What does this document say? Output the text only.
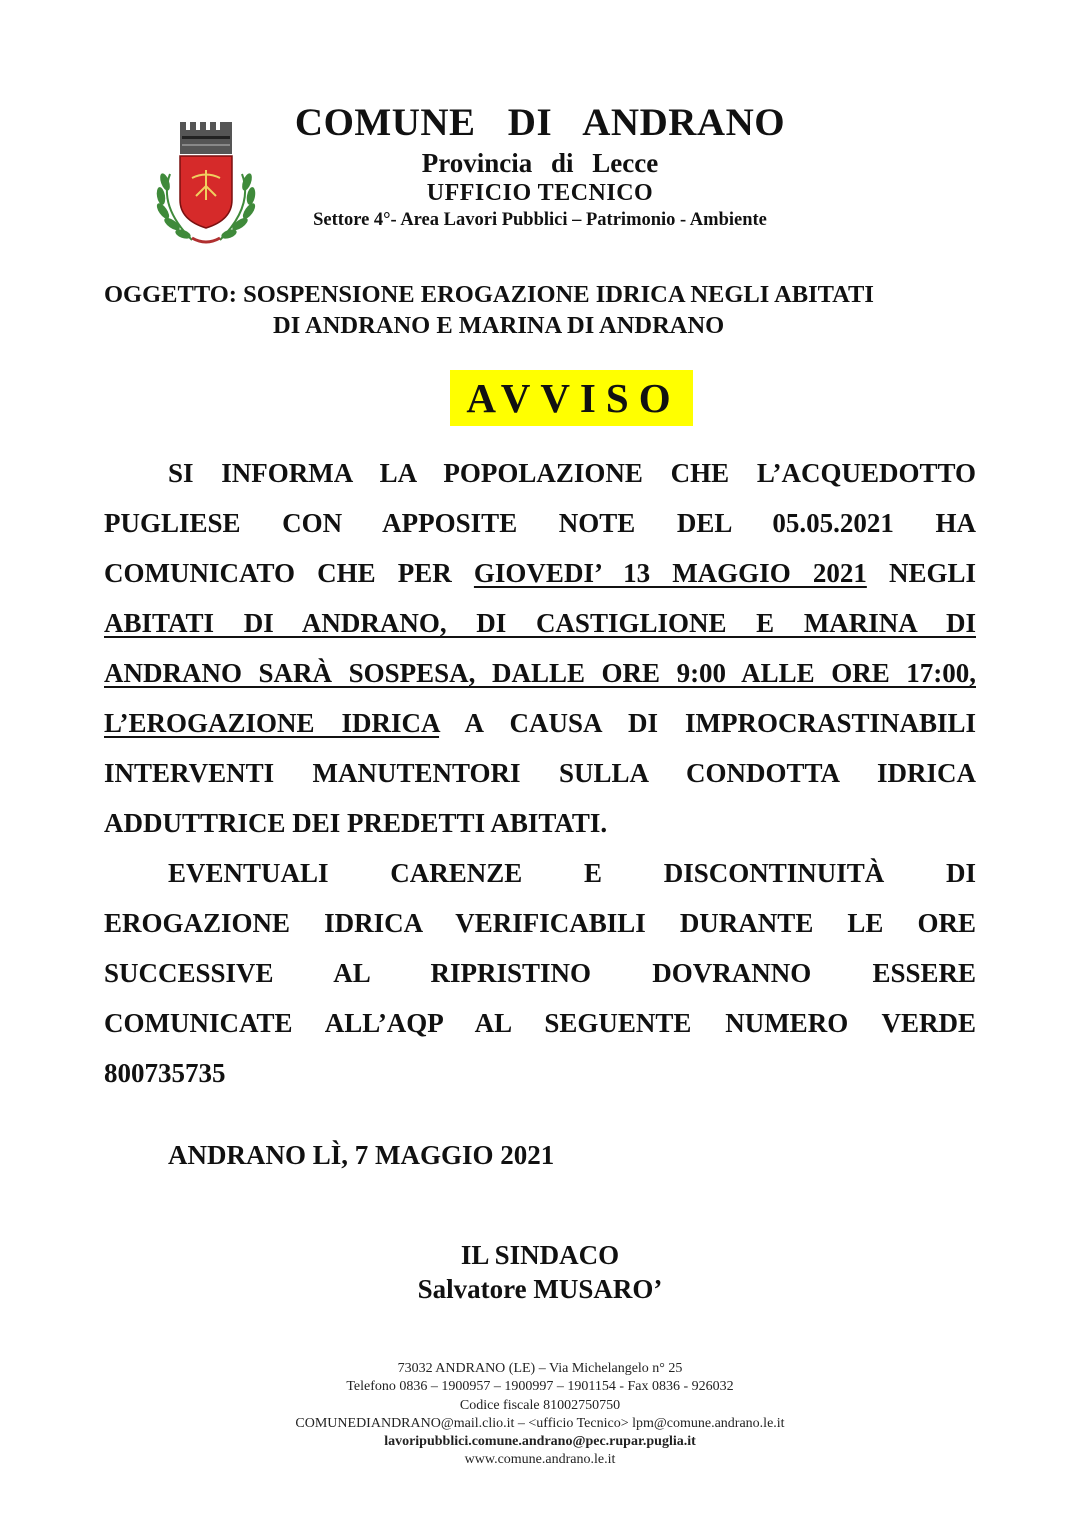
COMUNE DI ANDRANO
Provincia di Lecce
UFFICIO TECNICO
Settore 4°- Area Lavori Pubblici – Patrimonio - Ambiente
OGGETTO: SOSPENSIONE EROGAZIONE IDRICA NEGLI ABITATI
DI ANDRANO E MARINA DI ANDRANO
AVVISO
SI INFORMA LA POPOLAZIONE CHE L’ACQUEDOTTO
PUGLIESE CON APPOSITE NOTE DEL 05.05.2021 HA
COMUNICATO CHE PER GIOVEDI’ 13 MAGGIO 2021 NEGLI
ABITATI DI ANDRANO, DI CASTIGLIONE E MARINA DI
ANDRANO SARÀ SOSPESA, DALLE ORE 9:00 ALLE ORE 17:00,
L’EROGAZIONE IDRICA A CAUSA DI IMPROCRASTINABILI
INTERVENTI MANUTENTORI SULLA CONDOTTA IDRICA
ADDUTTRICE DEI PREDETTI ABITATI.
EVENTUALI CARENZE E DISCONTINUITÀ DI
EROGAZIONE IDRICA VERIFICABILI DURANTE LE ORE
SUCCESSIVE AL RIPRISTINO DOVRANNO ESSERE
COMUNICATE ALL’AQP AL SEGUENTE NUMERO VERDE
800735735
ANDRANO LÌ, 7 MAGGIO 2021
IL SINDACO
Salvatore MUSARO’
73032 ANDRANO (LE) – Via Michelangelo n° 25
Telefono 0836 – 1900957 – 1900997 – 1901154 - Fax 0836 - 926032
Codice fiscale 81002750750
COMUNEDIANDRANO@mail.clio.it – <ufficio Tecnico> lpm@comune.andrano.le.it
lavoripubblici.comune.andrano@pec.rupar.puglia.it
www.comune.andrano.le.it
